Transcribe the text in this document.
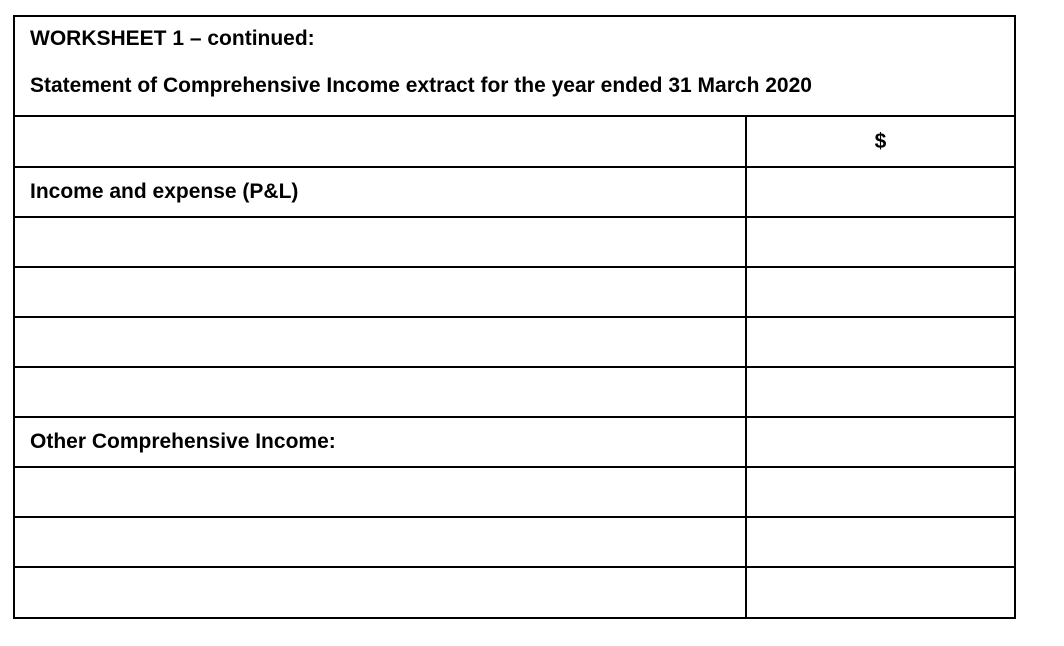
WORKSHEET 1 – continued:
Statement of Comprehensive Income extract for the year ended 31 March 2020
	$
Income and expense (P&L)	

Other Comprehensive Income:	
